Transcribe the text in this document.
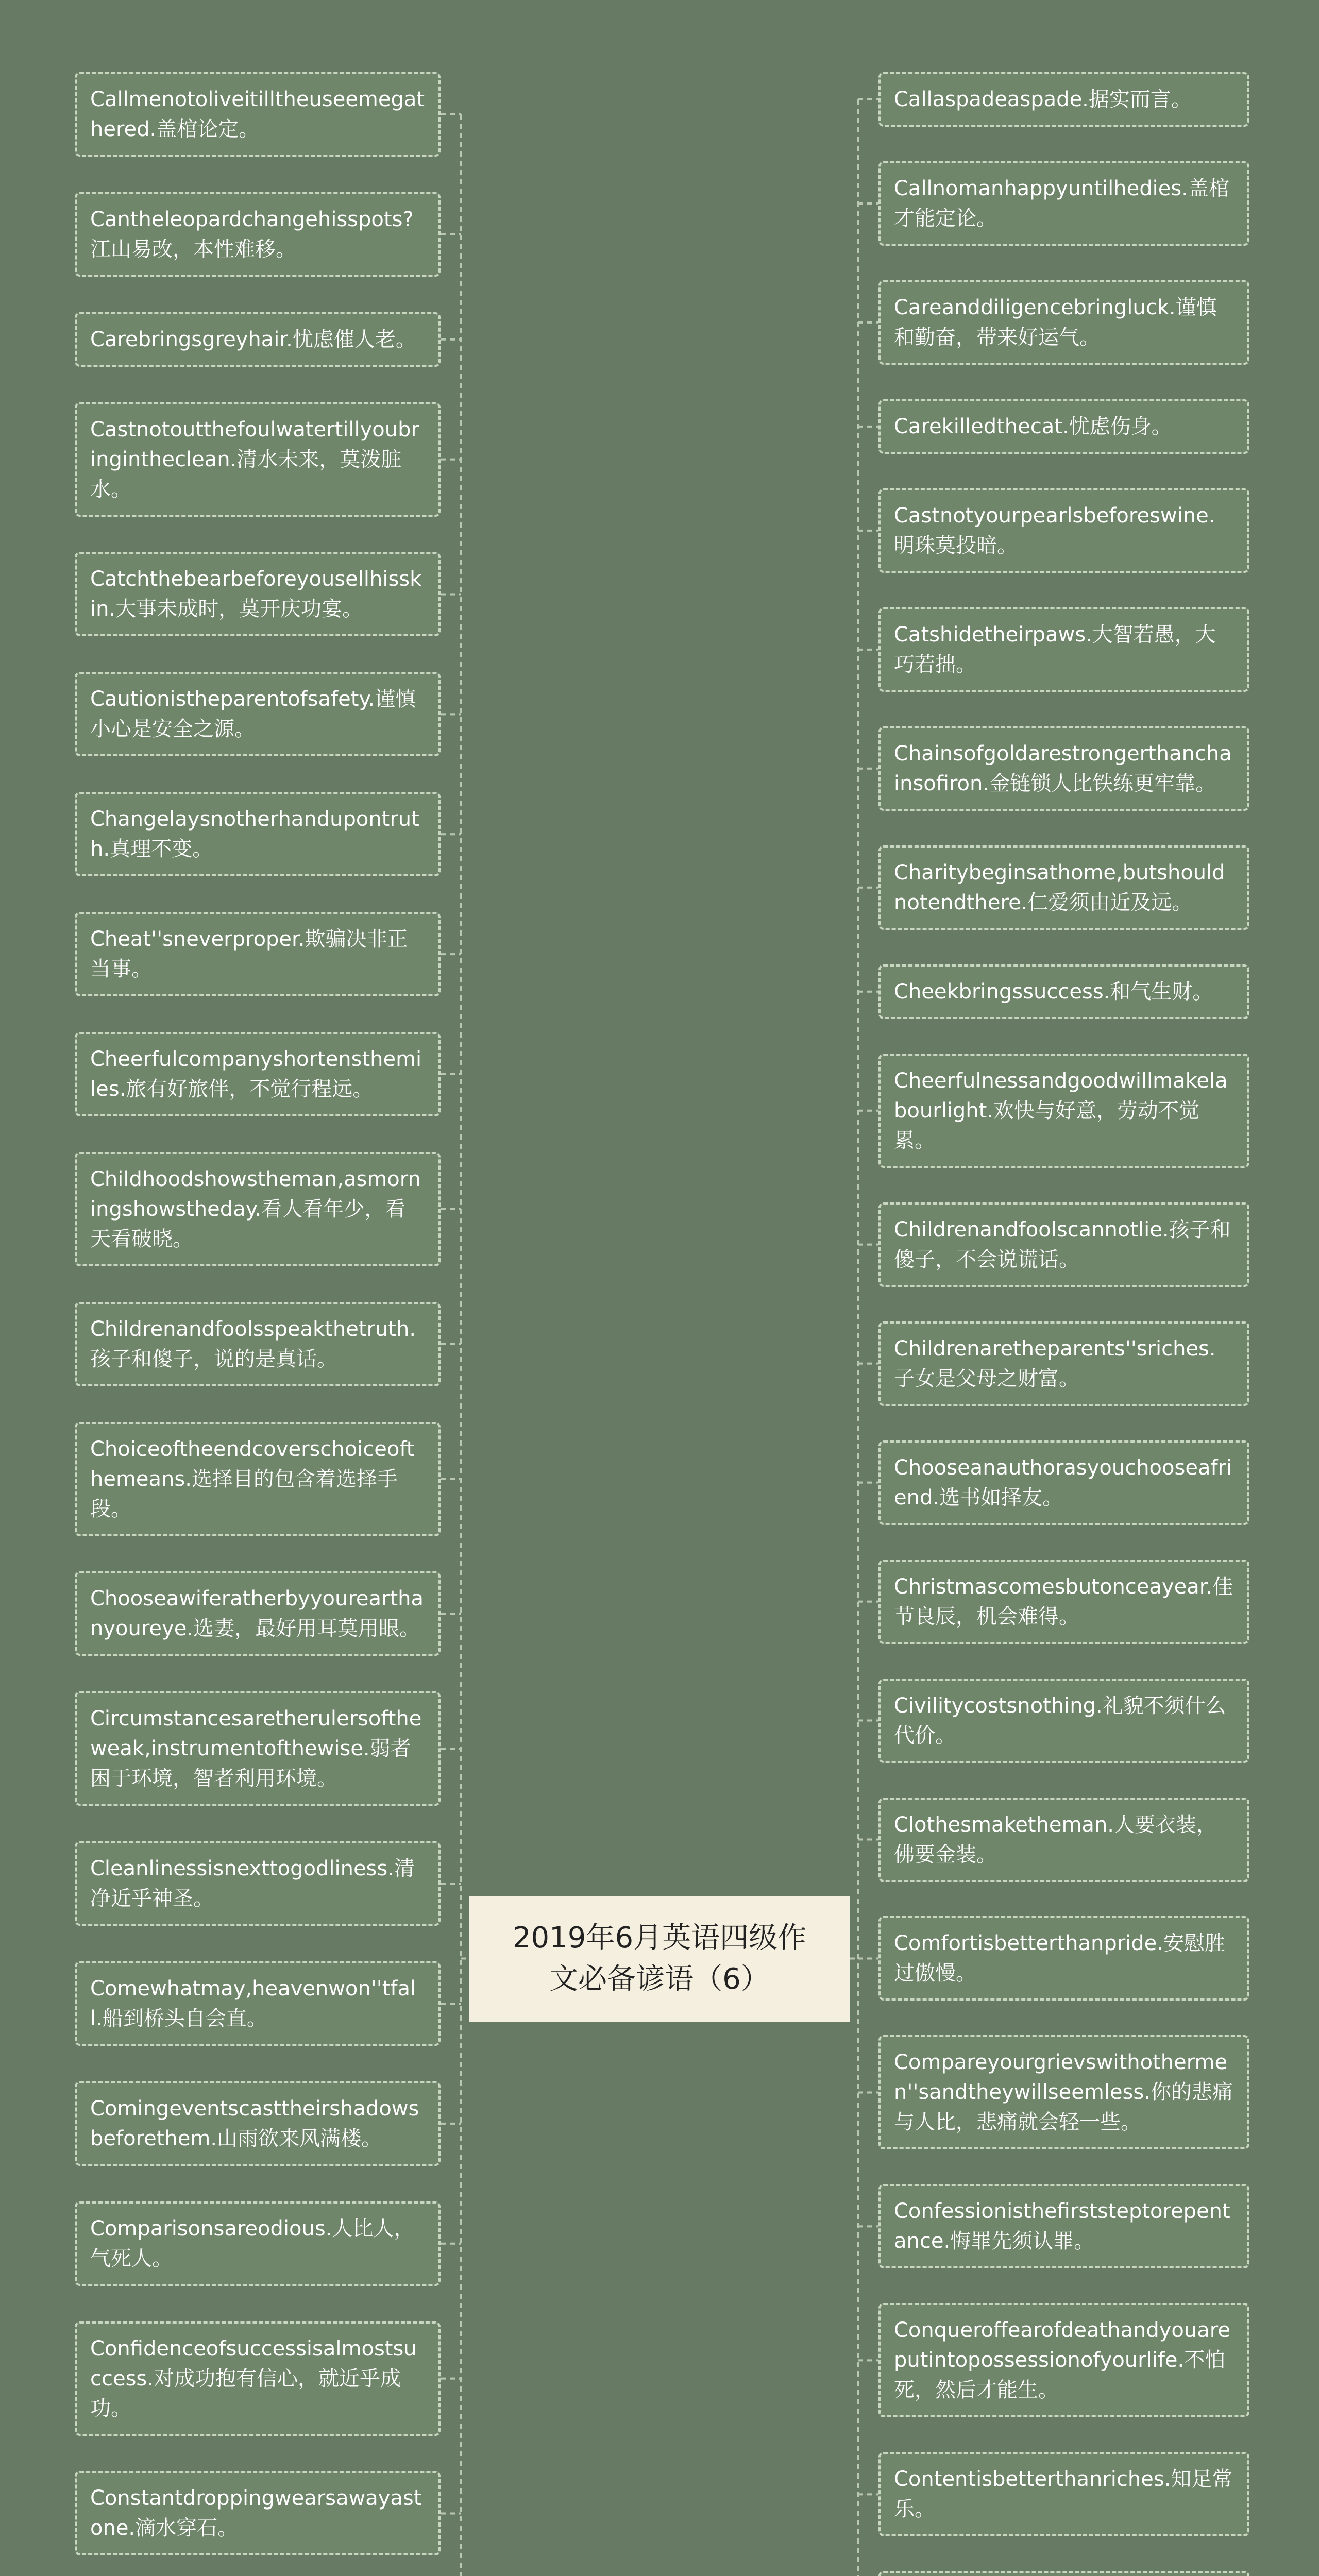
2019年6月英语四级作文必备谚语（6）
Callmenotoliveitilltheuseemegathered.盖棺论定。
Cantheleopardchangehisspots?江山易改，本性难移。
Carebringsgreyhair.忧虑催人老。
Castnotoutthefoulwatertillyoubringintheclean.清水未来，莫泼脏水。
Catchthebearbeforeyousellhisskin.大事未成时，莫开庆功宴。
Cautionistheparentofsafety.谨慎小心是安全之源。
Changelaysnotherhandupontruth.真理不变。
Cheat''sneverproper.欺骗决非正当事。
Cheerfulcompanyshortensthemiles.旅有好旅伴，不觉行程远。
Childhoodshowstheman,asmorningshowstheday.看人看年少，看天看破晓。
Childrenandfoolsspeakthetruth.孩子和傻子，说的是真话。
Choiceoftheendcoverschoiceofthemeans.选择目的包含着选择手段。
Chooseawiferatherbyyourearthanyoureye.选妻，最好用耳莫用眼。
Circumstancesaretherulersoftheweak,instrumentofthewise.弱者困于环境，智者利用环境。
Cleanlinessisnexttogodliness.清净近乎神圣。
Comewhatmay,heavenwon''tfall.船到桥头自会直。
Comingeventscasttheirshadowsbeforethem.山雨欲来风满楼。
Comparisonsareodious.人比人，气死人。
Confidenceofsuccessisalmostsuccess.对成功抱有信心，就近乎成功。
Constantdroppingwearsawayastone.滴水穿石。
Callaspadeaspade.据实而言。
Callnomanhappyuntilhedies.盖棺才能定论。
Careanddiligencebringluck.谨慎和勤奋，带来好运气。
Carekilledthecat.忧虑伤身。
Castnotyourpearlsbeforeswine.明珠莫投暗。
Catshidetheirpaws.大智若愚，大巧若拙。
Chainsofgoldarestrongerthanchainsofiron.金链锁人比铁练更牢靠。
Charitybeginsathome,butshouldnotendthere.仁爱须由近及远。
Cheekbringssuccess.和气生财。
Cheerfulnessandgoodwillmakelabourlight.欢快与好意，劳动不觉累。
Childrenandfoolscannotlie.孩子和傻子，不会说谎话。
Childrenaretheparents''sriches.子女是父母之财富。
Chooseanauthorasyouchooseafriend.选书如择友。
Christmascomesbutonceayear.佳节良辰，机会难得。
Civilitycostsnothing.礼貌不须什么代价。
Clothesmaketheman.人要衣装，佛要金装。
Comfortisbetterthanpride.安慰胜过傲慢。
Compareyourgrievswithothermen''sandtheywillseemless.你的悲痛与人比，悲痛就会轻一些。
Confessionisthefirststeptorepentance.悔罪先须认罪。
Conqueroffearofdeathandyouareputintopossessionofyourlife.不怕死，然后才能生。
Contentisbetterthanriches.知足常乐。
